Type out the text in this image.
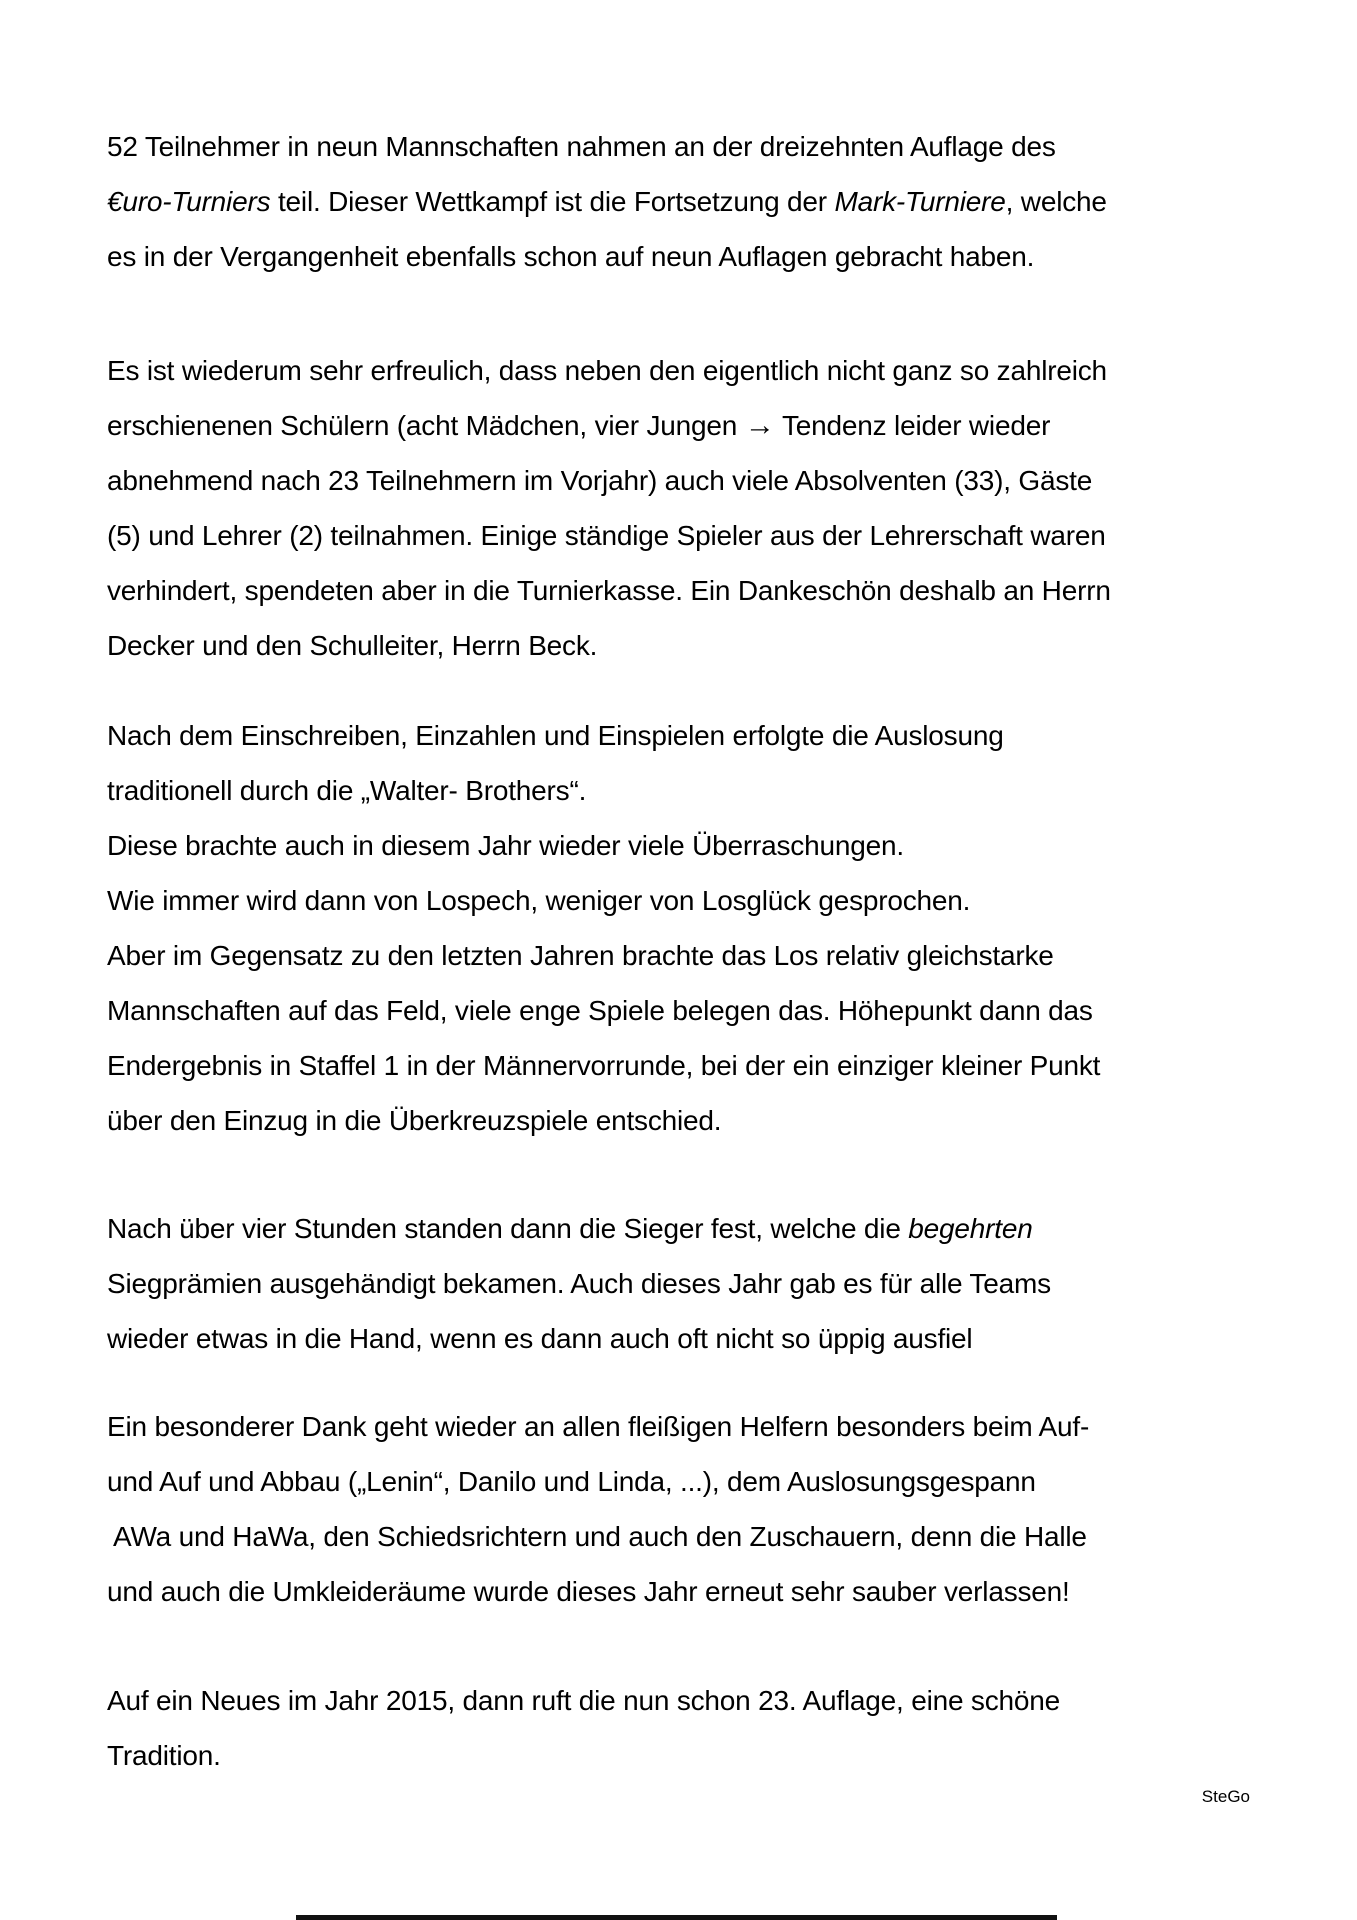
52 Teilnehmer in neun Mannschaften nahmen an der dreizehnten Auflage des
€uro-Turniers teil. Dieser Wettkampf ist die Fortsetzung der Mark-Turniere, welche
es in der Vergangenheit ebenfalls schon auf neun Auflagen gebracht haben.
Es ist wiederum sehr erfreulich, dass neben den eigentlich nicht ganz so zahlreich
erschienenen Schülern (acht Mädchen, vier Jungen → Tendenz leider wieder
abnehmend nach 23 Teilnehmern im Vorjahr) auch viele Absolventen (33), Gäste
(5) und Lehrer (2) teilnahmen. Einige ständige Spieler aus der Lehrerschaft waren
verhindert, spendeten aber in die Turnierkasse. Ein Dankeschön deshalb an Herrn
Decker und den Schulleiter, Herrn Beck.
Nach dem Einschreiben, Einzahlen und Einspielen erfolgte die Auslosung
traditionell durch die „Walter- Brothers“.
Diese brachte auch in diesem Jahr wieder viele Überraschungen.
Wie immer wird dann von Lospech, weniger von Losglück gesprochen.
Aber im Gegensatz zu den letzten Jahren brachte das Los relativ gleichstarke
Mannschaften auf das Feld, viele enge Spiele belegen das. Höhepunkt dann das
Endergebnis in Staffel 1 in der Männervorrunde, bei der ein einziger kleiner Punkt
über den Einzug in die Überkreuzspiele entschied.
Nach über vier Stunden standen dann die Sieger fest, welche die begehrten
Siegprämien ausgehändigt bekamen. Auch dieses Jahr gab es für alle Teams
wieder etwas in die Hand, wenn es dann auch oft nicht so üppig ausfiel
Ein besonderer Dank geht wieder an allen fleißigen Helfern besonders beim Auf-
und Auf und Abbau („Lenin“, Danilo und Linda, ...), dem Auslosungsgespann
AWa und HaWa, den Schiedsrichtern und auch den Zuschauern, denn die Halle
und auch die Umkleideräume wurde dieses Jahr erneut sehr sauber verlassen!
Auf ein Neues im Jahr 2015, dann ruft die nun schon 23. Auflage, eine schöne
Tradition.
SteGo
